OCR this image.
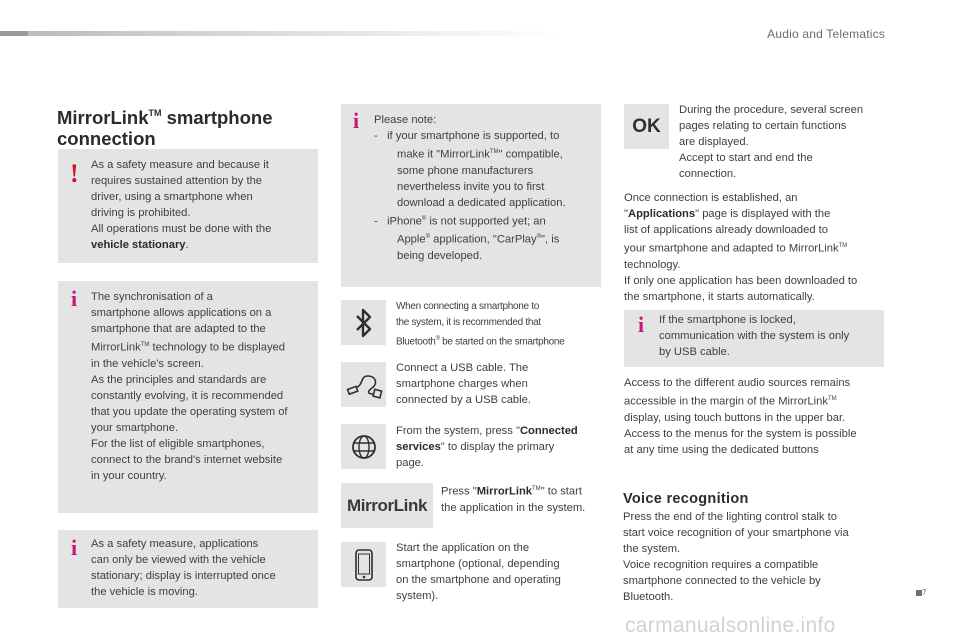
Audio and Telematics
MirrorLink™ smartphone connection
! As a safety measure and because it
requires sustained attention by the
driver, using a smartphone when
driving is prohibited.
All operations must be done with the
vehicle stationary.
i The synchronisation of a
smartphone allows applications on a
smartphone that are adapted to the
MirrorLink™ technology to be displayed
in the vehicle's screen.
As the principles and standards are
constantly evolving, it is recommended
that you update the operating system of
your smartphone.
For the list of eligible smartphones,
connect to the brand's internet website
in your country.
i As a safety measure, applications
can only be viewed with the vehicle
stationary; display is interrupted once
the vehicle is moving.
i Please note:
- if your smartphone is supported, to
make it "MirrorLink™" compatible,
some phone manufacturers
nevertheless invite you to first
download a dedicated application.
- iPhone® is not supported yet; an
Apple® application, "CarPlay®", is
being developed.
When connecting a smartphone to
the system, it is recommended that
Bluetooth® be started on the smartphone
Connect a USB cable. The
smartphone charges when
connected by a USB cable.
From the system, press "Connected
services" to display the primary
page.
MirrorLink
Press "MirrorLink™" to start
the application in the system.
Start the application on the
smartphone (optional, depending
on the smartphone and operating
system).
OK
During the procedure, several screen
pages relating to certain functions
are displayed.
Accept to start and end the
connection.
Once connection is established, an
"Applications" page is displayed with the
list of applications already downloaded to
your smartphone and adapted to MirrorLink™
technology.
If only one application has been downloaded to
the smartphone, it starts automatically.
i If the smartphone is locked,
communication with the system is only
by USB cable.
Access to the different audio sources remains
accessible in the margin of the MirrorLink™
display, using touch buttons in the upper bar.
Access to the menus for the system is possible
at any time using the dedicated buttons
Voice recognition
Press the end of the lighting control stalk to
start voice recognition of your smartphone via
the system.
Voice recognition requires a compatible
smartphone connected to the vehicle by
Bluetooth.	7
carmanualsonline.info
